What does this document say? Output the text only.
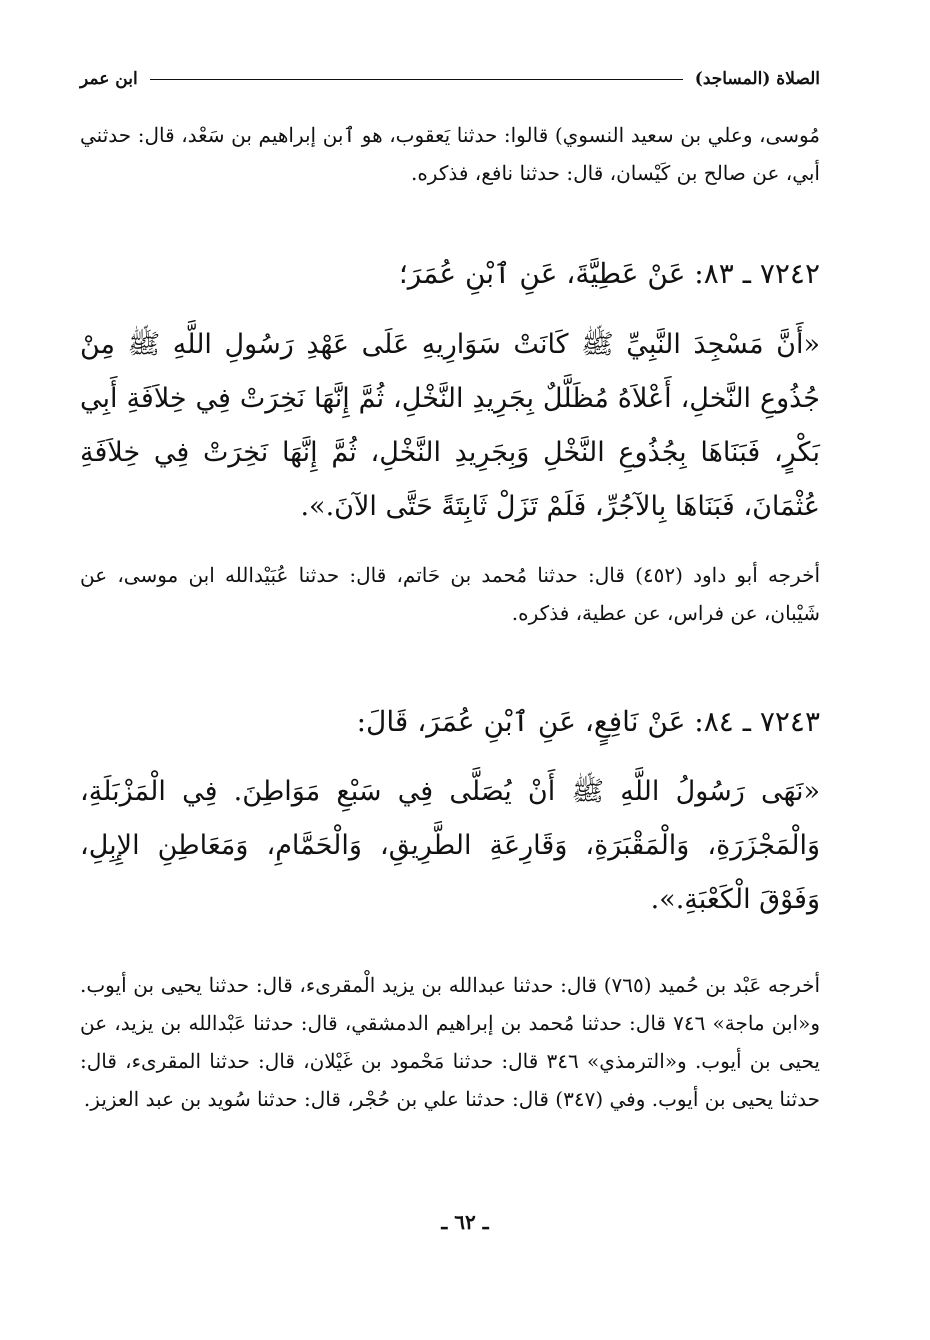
الصلاة (المساجد)
ابن عمر
مُوسى، وعلي بن سعيد النسوي) قالوا: حدثنا يَعقوب، هو ٱبن إبراهيم بن سَعْد، قال: حدثني أبي، عن صالح بن كَيْسان، قال: حدثنا نافع، فذكره.
٧٢٤٢ ـ ٨٣: عَنْ عَطِيَّةَ، عَنِ ٱبْنِ عُمَرَ؛
«أَنَّ مَسْجِدَ النَّبِيِّ ﷺ كَانَتْ سَوَارِيهِ عَلَى عَهْدِ رَسُولِ اللَّهِ ﷺ مِنْ جُذُوعِ النَّخلِ، أَعْلاَهُ مُظَلَّلٌ بِجَرِيدِ النَّخْلِ، ثُمَّ إِنَّهَا نَخِرَتْ فِي خِلاَفَةِ أَبِي بَكْرٍ، فَبَنَاهَا بِجُذُوعِ النَّخْلِ وَبِجَرِيدِ النَّخْلِ، ثُمَّ إِنَّهَا نَخِرَتْ فِي خِلاَفَةِ عُثْمَانَ، فَبَنَاهَا بِالآجُرِّ، فَلَمْ تَزَلْ ثَابِتَةً حَتَّى الآنَ.».
أخرجه أبو داود (٤٥٢) قال: حدثنا مُحمد بن حَاتم، قال: حدثنا عُبَيْدالله ابن موسى، عن شَيْبان، عن فراس، عن عطية، فذكره.
٧٢٤٣ ـ ٨٤: عَنْ نَافِعٍ، عَنِ ٱبْنِ عُمَرَ، قَالَ:
«نَهَى رَسُولُ اللَّهِ ﷺ أَنْ يُصَلَّى فِي سَبْعِ مَوَاطِنَ. فِي الْمَزْبَلَةِ، وَالْمَجْزَرَةِ، وَالْمَقْبَرَةِ، وَقَارِعَةِ الطَّرِيقِ، وَالْحَمَّامِ، وَمَعَاطِنِ الإِبِلِ، وَفَوْقَ الْكَعْبَةِ.».
أخرجه عَبْد بن حُميد (٧٦٥) قال: حدثنا عبدالله بن يزيد الْمقرىء، قال: حدثنا يحيى بن أيوب. و«ابن ماجة» ٧٤٦ قال: حدثنا مُحمد بن إبراهيم الدمشقي، قال: حدثنا عَبْدالله بن يزيد، عن يحيى بن أيوب. و«الترمذي» ٣٤٦ قال: حدثنا مَحْمود بن غَيْلان، قال: حدثنا المقرىء، قال: حدثنا يحيى بن أيوب. وفي (٣٤٧) قال: حدثنا علي بن حُجْر، قال: حدثنا سُويد بن عبد العزيز.
ـ ٦٢ ـ
